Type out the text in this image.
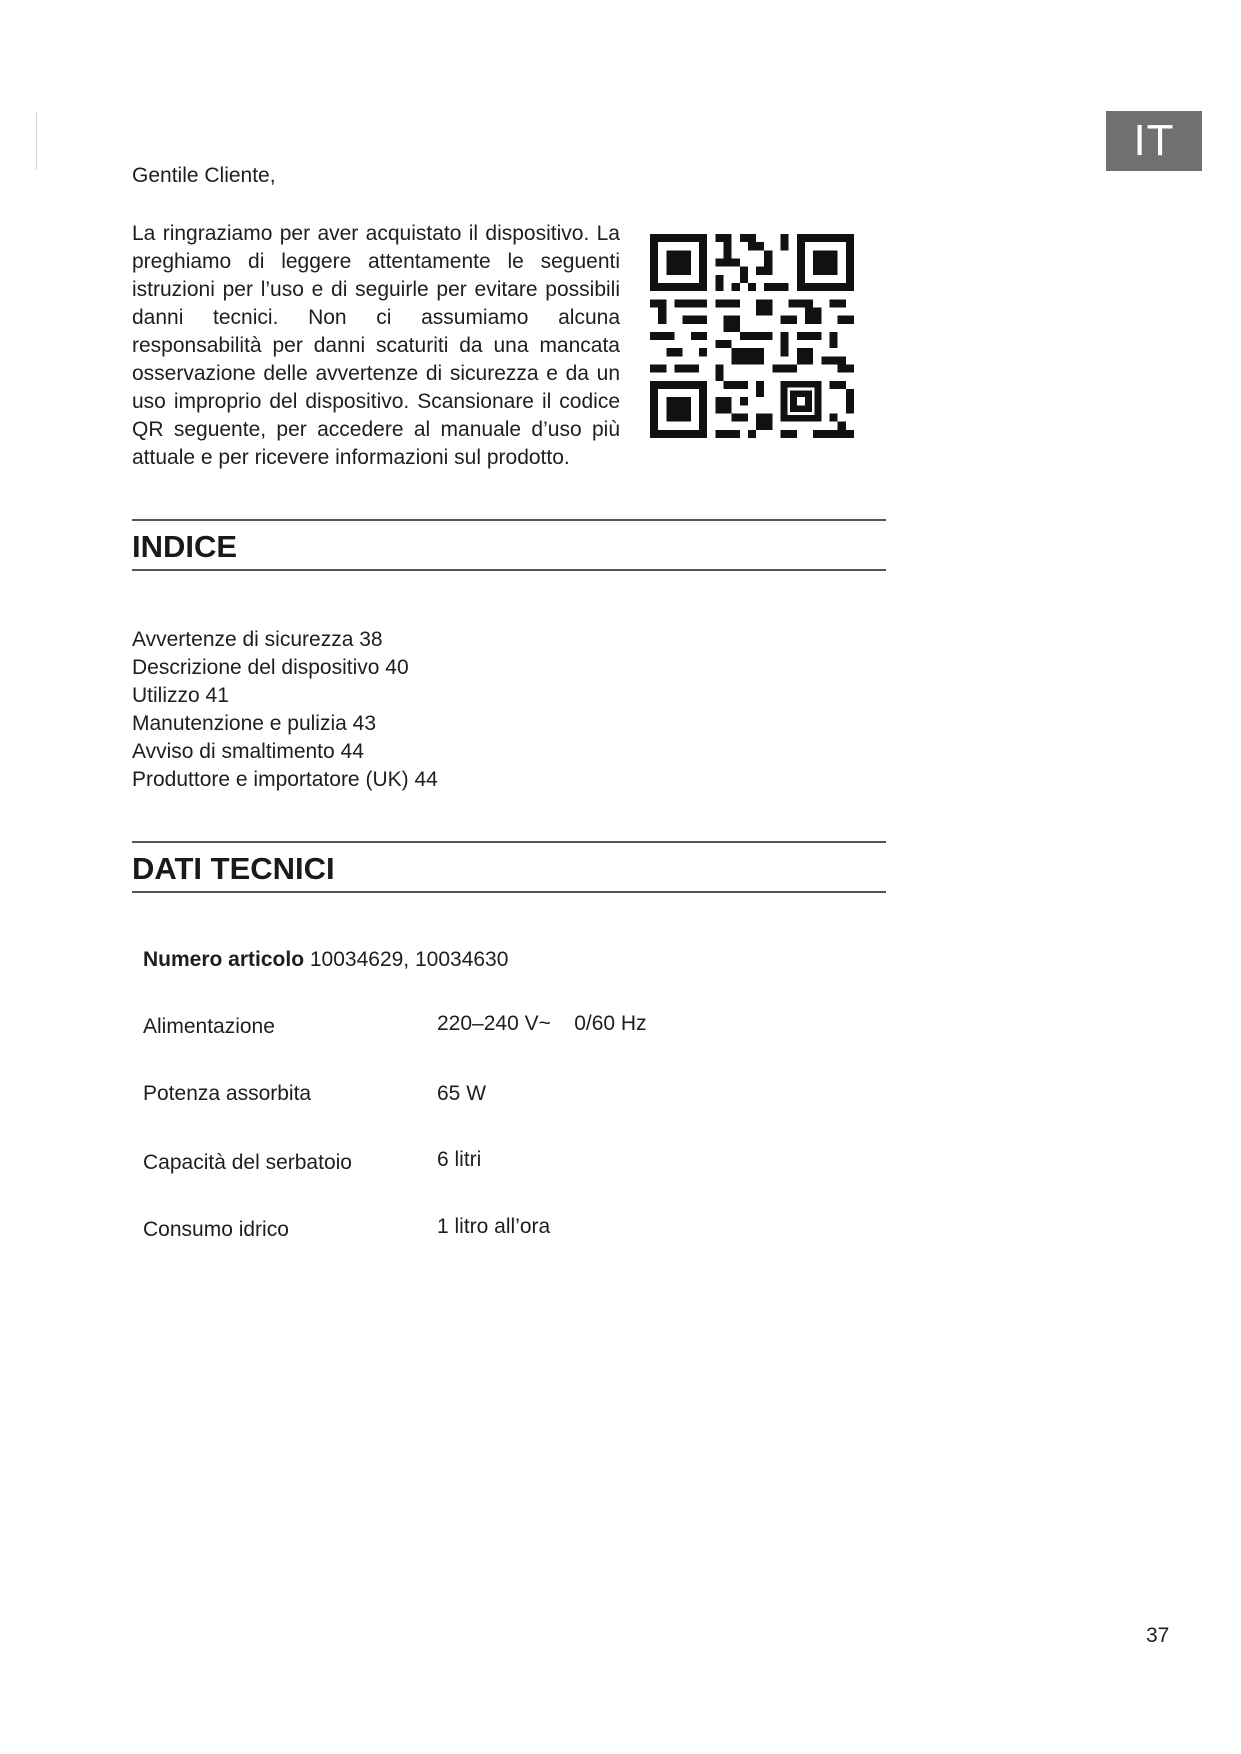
IT
Gentile Cliente,

La ringraziamo per aver acquistato il dispositivo. La preghiamo di leggere attentamente le seguenti istruzioni per l’uso e di seguirle per evitare possibili danni tecnici. Non ci assumiamo alcuna responsabilità per danni scaturiti da una mancata osservazione delle avvertenze di sicurezza e da un uso improprio del dispositivo. Scansionare il codice QR seguente, per accedere al manuale d’uso più attuale e per ricevere informazioni sul prodotto.

INDICE
Avvertenze di sicurezza 38
Descrizione del dispositivo 40
Utilizzo 41
Manutenzione e pulizia 43
Avviso di smaltimento 44
Produttore e importatore (UK) 44
DATI TECNICI
Numero articolo 10034629, 10034630
Alimentazione	220–240 V~    0/60 Hz
Potenza assorbita	65 W
Capacità del serbatoio	6 litri
Consumo idrico	1 litro all’ora
37
